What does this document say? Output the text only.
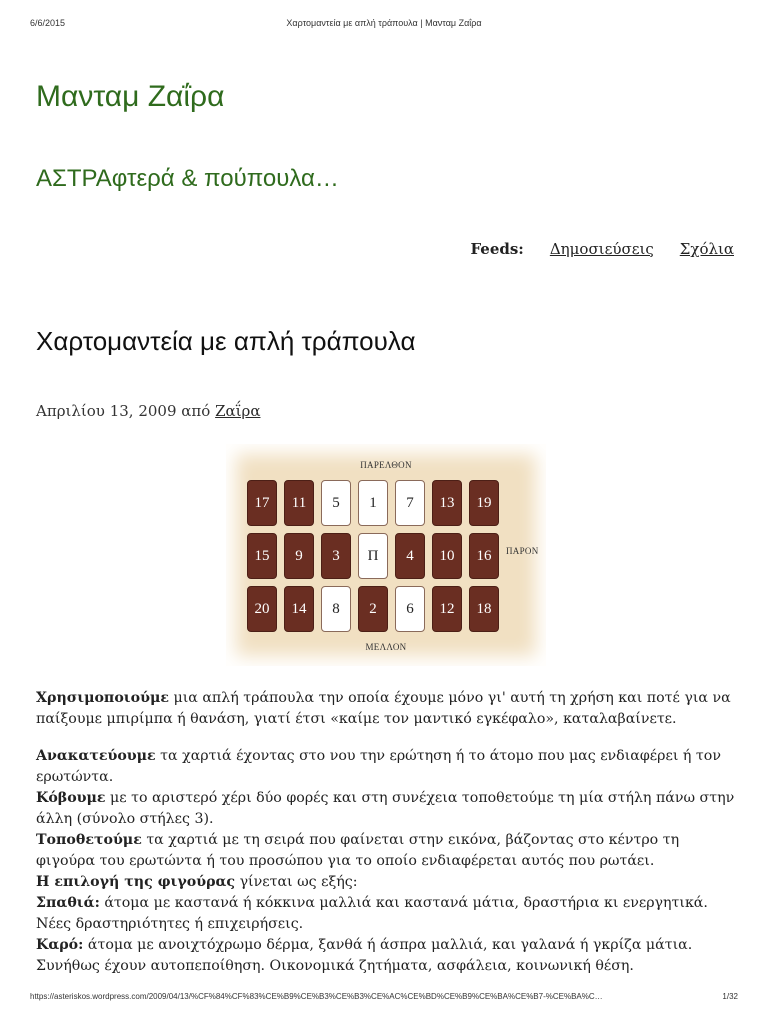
6/6/2015	Χαρτομαντεία με απλή τράπουλα | Μανταμ Ζαΐρα
Μανταμ Ζαΐρα
ΑΣΤΡΑφτερά & πούπουλα…
Feeds: Δημοσιεύσεις Σχόλια
Χαρτομαντεία με απλή τράπουλα
Απριλίου 13, 2009 από Ζαΐρα
ΠΑΡΕΛΘΟΝ
17	11	5	1	7	13	19
15	9	3	Π	4	10	16
20	14	8	2	6	12	18
ΠΑΡΟΝ
ΜΕΛΛΟΝ

Χρησιμοποιούμε μια απλή τράπουλα την οποία έχουμε μόνο γι' αυτή τη χρήση και ποτέ για να παίξουμε μπιρίμπα ή θανάση, γιατί έτσι «καίμε τον μαντικό εγκέφαλο», καταλαβαίνετε.

Ανακατεύουμε τα χαρτιά έχοντας στο νου την ερώτηση ή το άτομο που μας ενδιαφέρει ή τον ερωτώντα.
Κόβουμε με το αριστερό χέρι δύο φορές και στη συνέχεια τοποθετούμε τη μία στήλη πάνω στην άλλη (σύνολο στήλες 3).
Τοποθετούμε τα χαρτιά με τη σειρά που φαίνεται στην εικόνα, βάζοντας στο κέντρο τη φιγούρα του ερωτώντα ή του προσώπου για το οποίο ενδιαφέρεται αυτός που ρωτάει.
Η επιλογή της φιγούρας γίνεται ως εξής:
Σπαθιά: άτομα με καστανά ή κόκκινα μαλλιά και καστανά μάτια, δραστήρια κι ενεργητικά. Νέες δραστηριότητες ή επιχειρήσεις.
Καρό: άτομα με ανοιχτόχρωμο δέρμα, ξανθά ή άσπρα μαλλιά, και γαλανά ή γκρίζα μάτια. Συνήθως έχουν αυτοπεποίθηση. Οικονομικά ζητήματα, ασφάλεια, κοινωνική θέση.

https://asteriskos.wordpress.com/2009/04/13/%CF%84%CF%83%CE%B9%CE%B3%CE%B3%CE%AC%CE%BD%CE%B9%CE%BA%CE%B7-%CE%BA%C…	1/32
